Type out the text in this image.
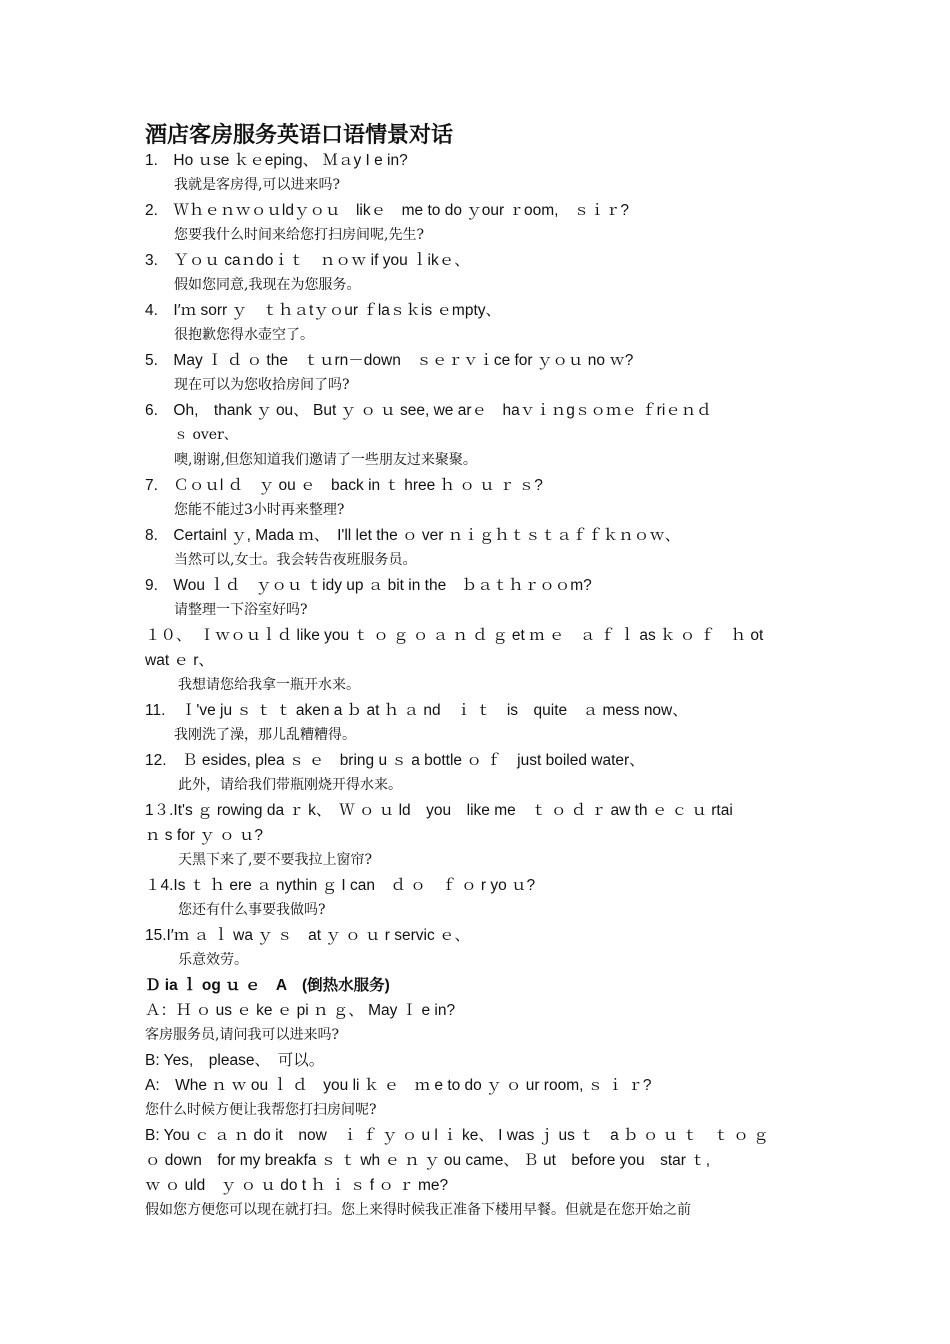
酒店客房服务英语口语情景对话

1.　Ho ｕse ｋｅeping、 Ｍａy I e in?

我就是客房得,可以进来吗?

2.　Ｗｈｅｎｗｏｕldｙｏｕ　likｅ　me to do ｙour ｒoom,　ｓｉｒ?

您要我什么时间来给您打扫房间呢,先生?

3.　Ｙｏｕ caｎdoｉｔ　ｎｏｗ if you ｌikｅ、

假如您同意,我现在为您服务。

4.　I′ｍ sorr ｙ　ｔｈａtｙｏur ｆlaｓｋis ｅmpty、

很抱歉您得水壶空了。

5.　May Ｉ ｄ ｏ the　ｔｕrn－down　ｓｅｒｖｉce for ｙｏｕ no ｗ?

现在可以为您收拾房间了吗?

6.　Oh,　thank ｙ ou、 But ｙ ｏ ｕ see, we arｅ　haｖｉｎgｓｏｍｅ ｆriｅｎｄ

ｓ over、

噢,谢谢,但您知道我们邀请了一些朋友过来聚聚。

7.　Ｃｏｕl ｄ　ｙ ou ｅ　back in ｔ hree ｈ ｏ ｕ ｒ ｓ?

您能不能过3小时再来整理?

8.　Certainl ｙ, Mada ｍ、　I'll let the ｏ ver ｎｉｇｈｔｓｔａｆｆｋｎｏｗ、

当然可以,女士。我会转告夜班服务员。

9.　Wou ｌｄ　ｙｏｕ ｔidy up ａ bit in the　ｂａｔｈｒｏｏm?

请整理一下浴室好吗?

１０、　Ｉｗｏｕｌｄ like you ｔ ｏ ｇ ｏ ａ ｎ ｄ ｇ et ｍ ｅ　ａ ｆ ｌ as ｋ ｏ ｆ　ｈ ot

wat ｅ r、

我想请您给我拿一瓶开水来。

11.　Ｉ've ju ｓ ｔ ｔ aken a ｂ at ｈ ａ nd　ｉ ｔ　is　quite　ａ mess now、

我刚洗了澡，那儿乱糟糟得。

12.　Ｂ esides, plea ｓ ｅ　bring u ｓ a bottle ｏ ｆ　just boiled water、

此外，请给我们带瓶刚烧开得水来。

1３.It's ｇ rowing da ｒ k、　Ｗ ｏ ｕ ld　you　like me　ｔ ｏ ｄ ｒ aw th ｅ ｃ ｕ rtai

ｎ s for ｙ ｏ ｕ?

天黑下来了,要不要我拉上窗帘?

１4.Is ｔ ｈ ere ａ nythin ｇ I can　ｄ ｏ　ｆ ｏ r yo ｕ?

您还有什么事要我做吗?

15.I′ｍ ａ ｌ wa ｙ ｓ　at ｙ ｏ ｕ r servic ｅ、

乐意效劳。

Ｄ ia ｌ og ｕ ｅ　A　(倒热水服务)

Ａ：Ｈ ｏ us ｅ ke ｅ pi ｎ ｇ、 May Ｉ e in?

客房服务员,请问我可以进来吗?

B: Yes,　please、　可以。

A:　Whe ｎ ｗ ou ｌ ｄ　you li ｋ ｅ　ｍ e to do ｙ ｏ ur room, ｓ ｉ ｒ?

您什么时候方便让我帮您打扫房间呢?

B: You ｃ ａ ｎ do it　now　ｉ ｆ ｙ ｏ u l ｉ ke、 I was ｊ us ｔ　a ｂ ｏ ｕ ｔ　ｔ ｏ ｇ

ｏ down　for my breakfa ｓ ｔ wh ｅ ｎ ｙ ou came、 Ｂ ut　before you　star ｔ,

ｗ ｏ uld　ｙ ｏ ｕ do t ｈ ｉ ｓ f ｏ ｒ me?

假如您方便您可以现在就打扫。您上来得时候我正准备下楼用早餐。但就是在您开始之前
